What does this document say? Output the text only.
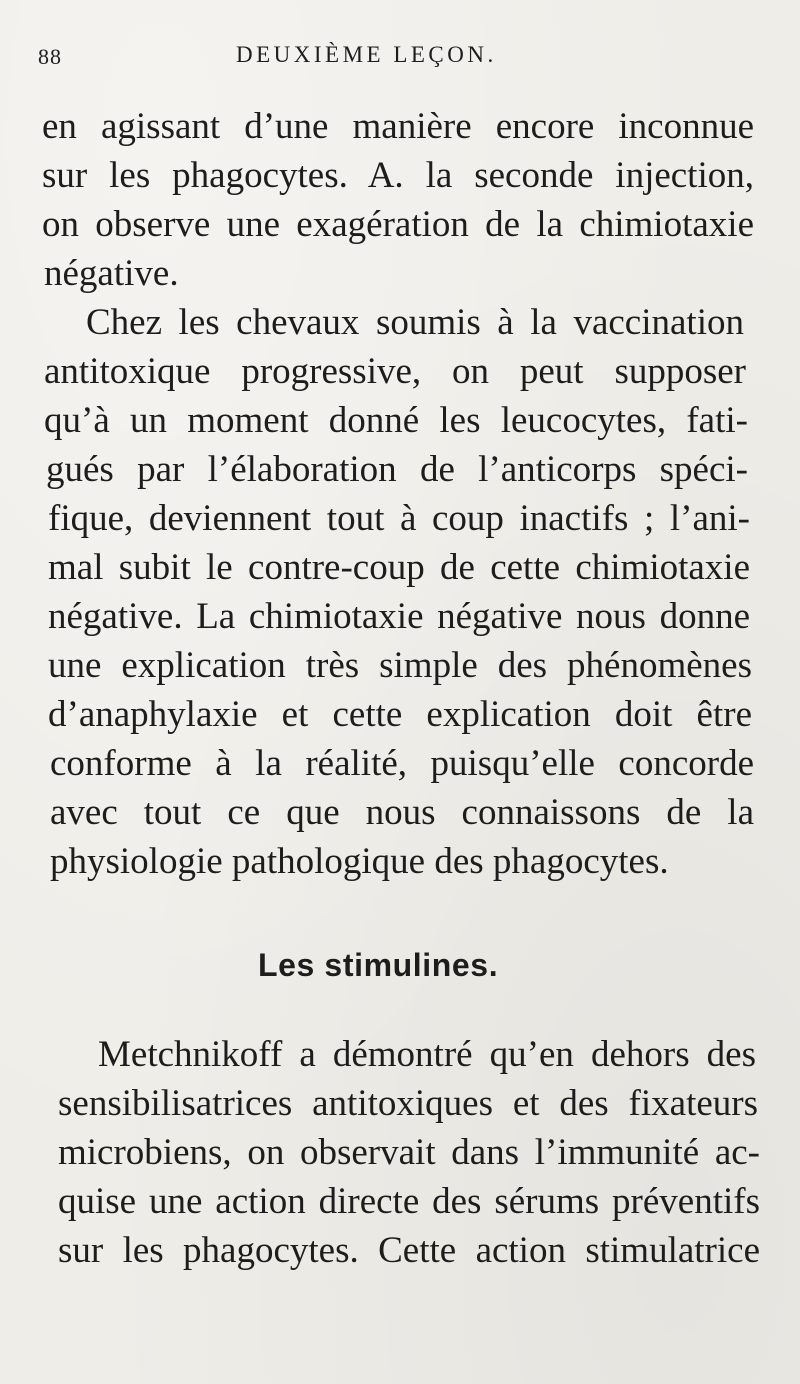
88	DEUXIÈME LEÇON.
en agissant d’une manière encore inconnue
sur les phagocytes. A. la seconde injection,
on observe une exagération de la chimiotaxie
négative.
Chez les chevaux soumis à la vaccination
antitoxique progressive, on peut supposer
qu’à un moment donné les leucocytes, fati-
gués par l’élaboration de l’anticorps spéci-
fique, deviennent tout à coup inactifs ; l’ani-
mal subit le contre-coup de cette chimiotaxie
négative. La chimiotaxie négative nous donne
une explication très simple des phénomènes
d’anaphylaxie et cette explication doit être
conforme à la réalité, puisqu’elle concorde
avec tout ce que nous connaissons de la
physiologie pathologique des phagocytes.
Les stimulines.
Metchnikoff a démontré qu’en dehors des
sensibilisatrices antitoxiques et des fixateurs
microbiens, on observait dans l’immunité ac-
quise une action directe des sérums préventifs
sur les phagocytes. Cette action stimulatrice
